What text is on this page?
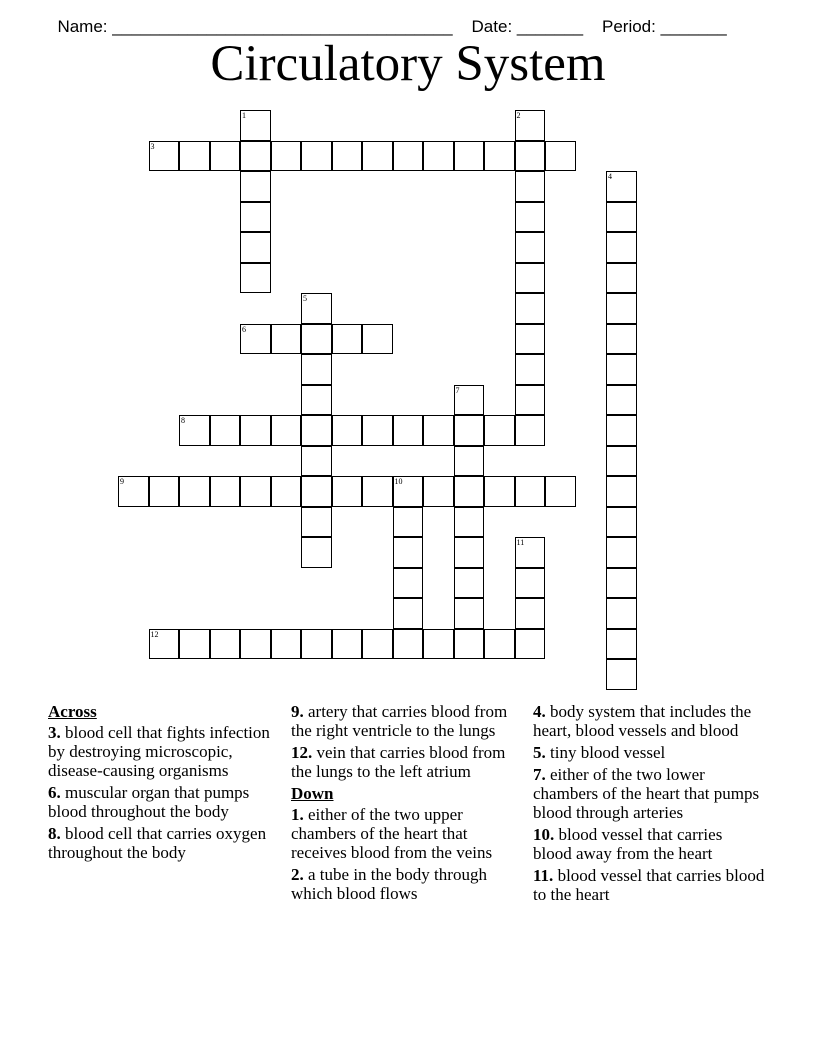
Name: ____________________________________ Date: _______ Period: _______

Circulatory System
1	2
3
4
5
6
7
8
9	10
11
12
Across
3. blood cell that fights infection by destroying microscopic, disease-causing organisms
6. muscular organ that pumps blood throughout the body
8. blood cell that carries oxygen throughout the body
9. artery that carries blood from the right ventricle to the lungs
12. vein that carries blood from the lungs to the left atrium
Down
1. either of the two upper chambers of the heart that receives blood from the veins
2. a tube in the body through which blood flows
4. body system that includes the heart, blood vessels and blood
5. tiny blood vessel
7. either of the two lower chambers of the heart that pumps blood through arteries
10. blood vessel that carries blood away from the heart
11. blood vessel that carries blood to the heart
